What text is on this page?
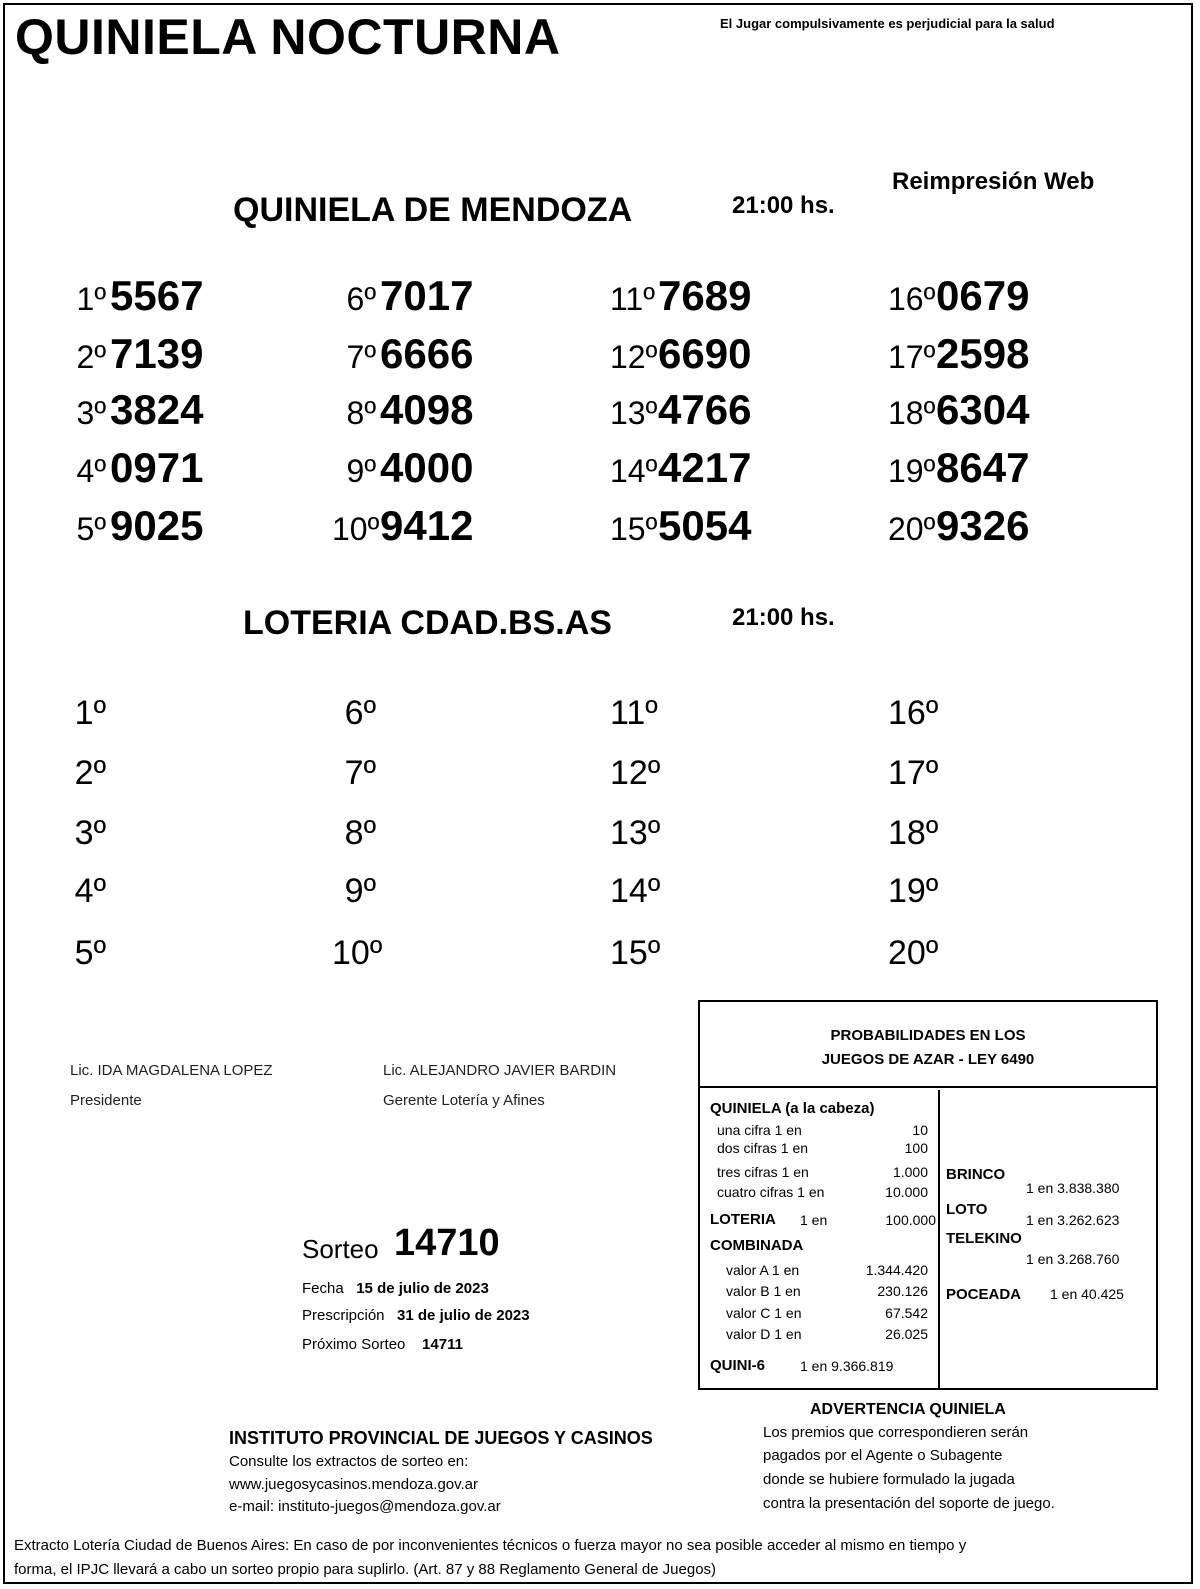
QUINIELA NOCTURNA	El Jugar compulsivamente es perjudicial para la salud
Reimpresión Web
QUINIELA DE MENDOZA	21:00 hs.
1º5567
2º7139
3º3824
4º0971
5º9025
6º7017
7º6666
8º4098
9º4000
10º9412
11º7689
12º6690
13º4766
14º4217
15º5054
16º0679
17º2598
18º6304
19º8647
20º9326
LOTERIA CDAD.BS.AS	21:00 hs.
1º
2º
3º
4º
5º
6º
7º
8º
9º
10º
11º
12º
13º
14º
15º
16º
17º
18º
19º
20º
Lic. IDA MAGDALENA LOPEZ
Presidente
Lic. ALEJANDRO JAVIER BARDIN
Gerente Lotería y Afines
Sorteo 14710
Fecha 15 de julio de 2023
Prescripción 31 de julio de 2023
Próximo Sorteo 14711
PROBABILIDADES EN LOS
JUEGOS DE AZAR - LEY 6490
QUINIELA (a la cabeza)
una cifra 1 en	10
dos cifras 1 en	100
tres cifras 1 en	1.000
cuatro cifras 1 en	10.000
LOTERIA 1 en	100.000
COMBINADA
valor A 1 en	1.344.420
valor B 1 en	230.126
valor C 1 en	67.542
valor D 1 en	26.025
QUINI-6 1 en 9.366.819
BRINCO
1 en 3.838.380
LOTO
1 en 3.262.623
TELEKINO
1 en 3.268.760
POCEADA 1 en 40.425
INSTITUTO PROVINCIAL DE JUEGOS Y CASINOS
Consulte los extractos de sorteo en:
www.juegosycasinos.mendoza.gov.ar
e-mail: instituto-juegos@mendoza.gov.ar
ADVERTENCIA QUINIELA
Los premios que correspondieren serán
pagados por el Agente o Subagente
donde se hubiere formulado la jugada
contra la presentación del soporte de juego.
Extracto Lotería Ciudad de Buenos Aires: En caso de por inconvenientes técnicos o fuerza mayor no sea posible acceder al mismo en tiempo y
forma, el IPJC llevará a cabo un sorteo propio para suplirlo. (Art. 87 y 88 Reglamento General de Juegos)
